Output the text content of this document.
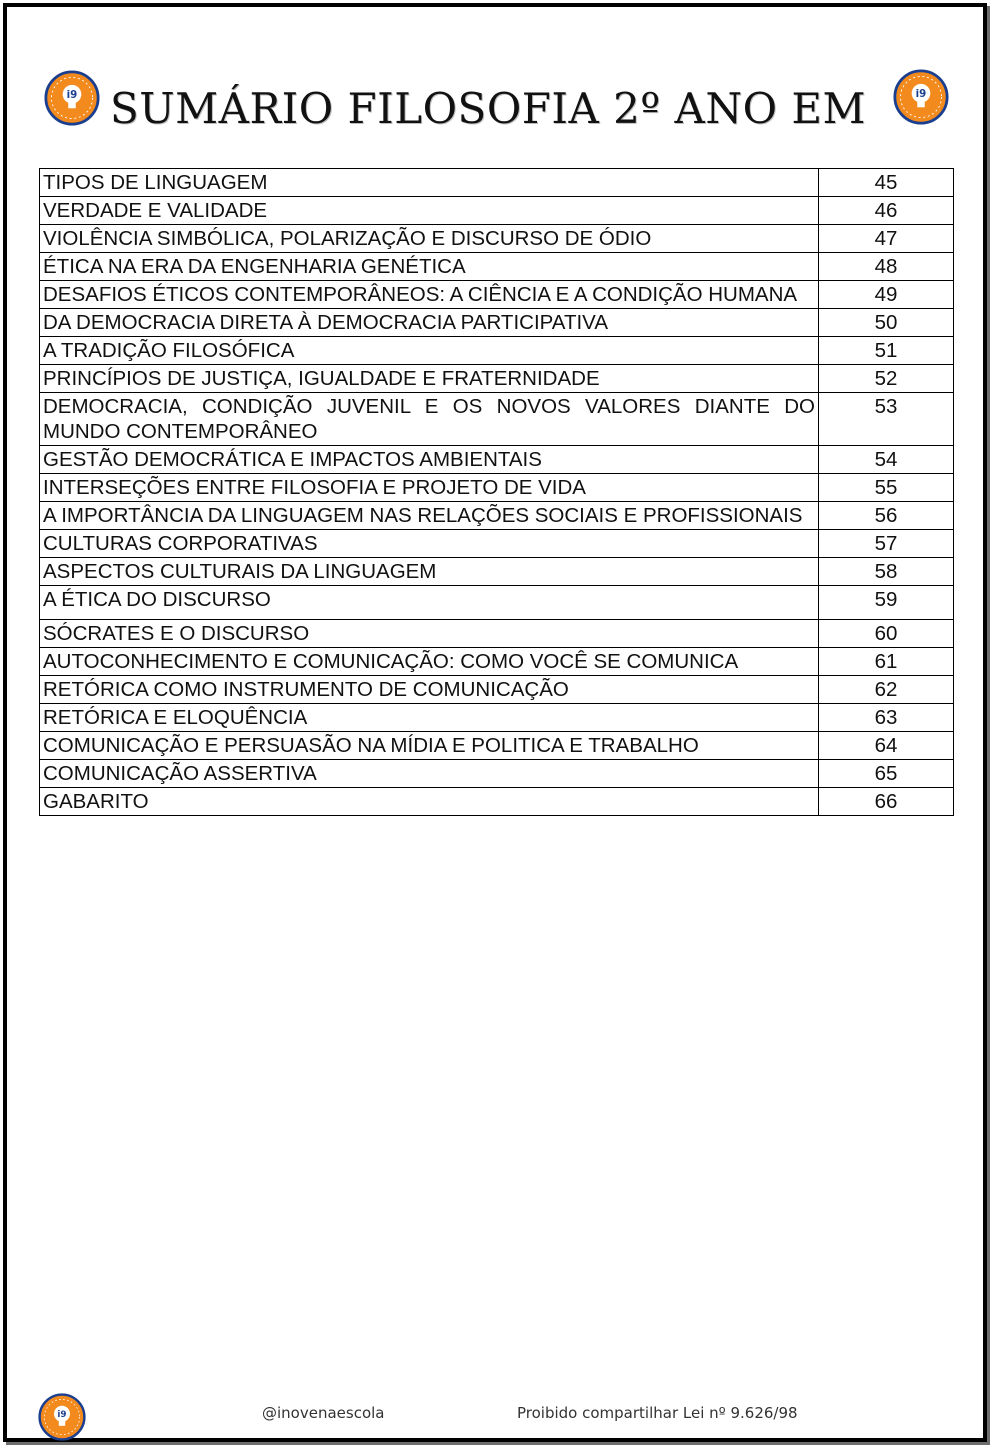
i9	i9
SUMÁRIO FILOSOFIA 2º ANO EM
TIPOS DE LINGUAGEM	45
VERDADE E VALIDADE	46
VIOLÊNCIA SIMBÓLICA, POLARIZAÇÃO E DISCURSO DE ÓDIO	47
ÉTICA NA ERA DA ENGENHARIA GENÉTICA	48
DESAFIOS ÉTICOS CONTEMPORÂNEOS: A CIÊNCIA E A CONDIÇÃO HUMANA	49
DA DEMOCRACIA DIRETA À DEMOCRACIA PARTICIPATIVA	50
A TRADIÇÃO FILOSÓFICA	51
PRINCÍPIOS DE JUSTIÇA, IGUALDADE E FRATERNIDADE	52
DEMOCRACIA, CONDIÇÃO JUVENIL E OS NOVOS VALORES DIANTE DO MUNDO CONTEMPORÂNEO	53
GESTÃO DEMOCRÁTICA E IMPACTOS AMBIENTAIS	54
INTERSEÇÕES ENTRE FILOSOFIA E PROJETO DE VIDA	55
A IMPORTÂNCIA DA LINGUAGEM NAS RELAÇÕES SOCIAIS E PROFISSIONAIS	56
CULTURAS CORPORATIVAS	57
ASPECTOS CULTURAIS DA LINGUAGEM	58
A ÉTICA DO DISCURSO	59
SÓCRATES E O DISCURSO	60
AUTOCONHECIMENTO E COMUNICAÇÃO: COMO VOCÊ SE COMUNICA	61
RETÓRICA COMO INSTRUMENTO DE COMUNICAÇÃO	62
RETÓRICA E ELOQUÊNCIA	63
COMUNICAÇÃO E PERSUASÃO NA MÍDIA E POLITICA E TRABALHO	64
COMUNICAÇÃO ASSERTIVA	65
GABARITO	66
i9	@inovenaescola	Proibido compartilhar Lei nº 9.626/98
